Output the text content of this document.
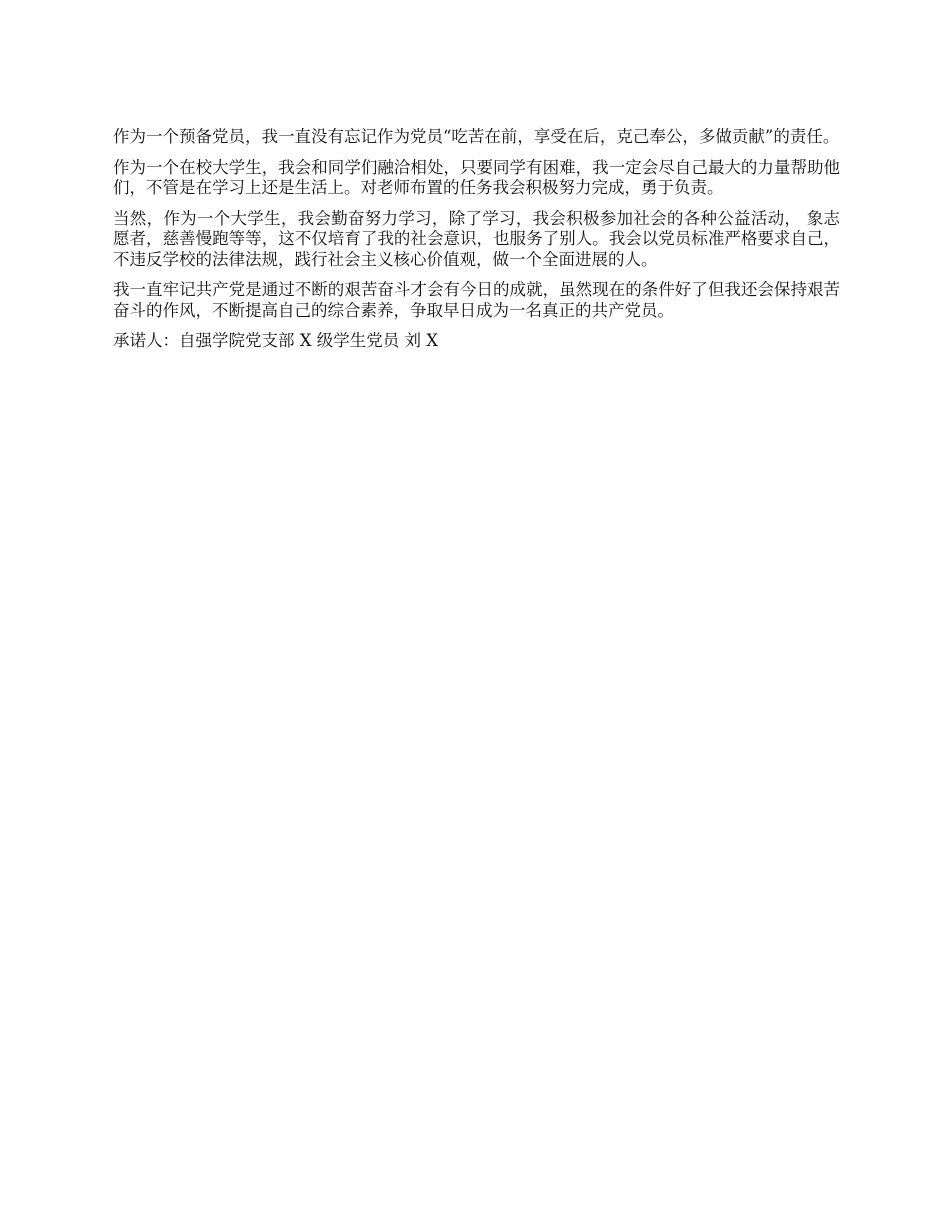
作为一个预备党员，我一直没有忘记作为党员“吃苦在前，享受在后，克己奉公，多做贡献”的责任。

作为一个在校大学生，我会和同学们融洽相处，只要同学有困难，我一定会尽自己最大的力量帮助他们，不管是在学习上还是生活上。对老师布置的任务我会积极努力完成，勇于负责。

当然，作为一个大学生，我会勤奋努力学习，除了学习，我会积极参加社会的各种公益活动， 象志愿者，慈善慢跑等等，这不仅培育了我的社会意识，也服务了别人。我会以党员标准严格要求自己，不违反学校的法律法规，践行社会主义核心价值观，做一个全面进展的人。

我一直牢记共产党是通过不断的艰苦奋斗才会有今日的成就，虽然现在的条件好了但我还会保持艰苦奋斗的作风，不断提高自己的综合素养，争取早日成为一名真正的共产党员。

承诺人：自强学院党支部 X 级学生党员 刘 X
